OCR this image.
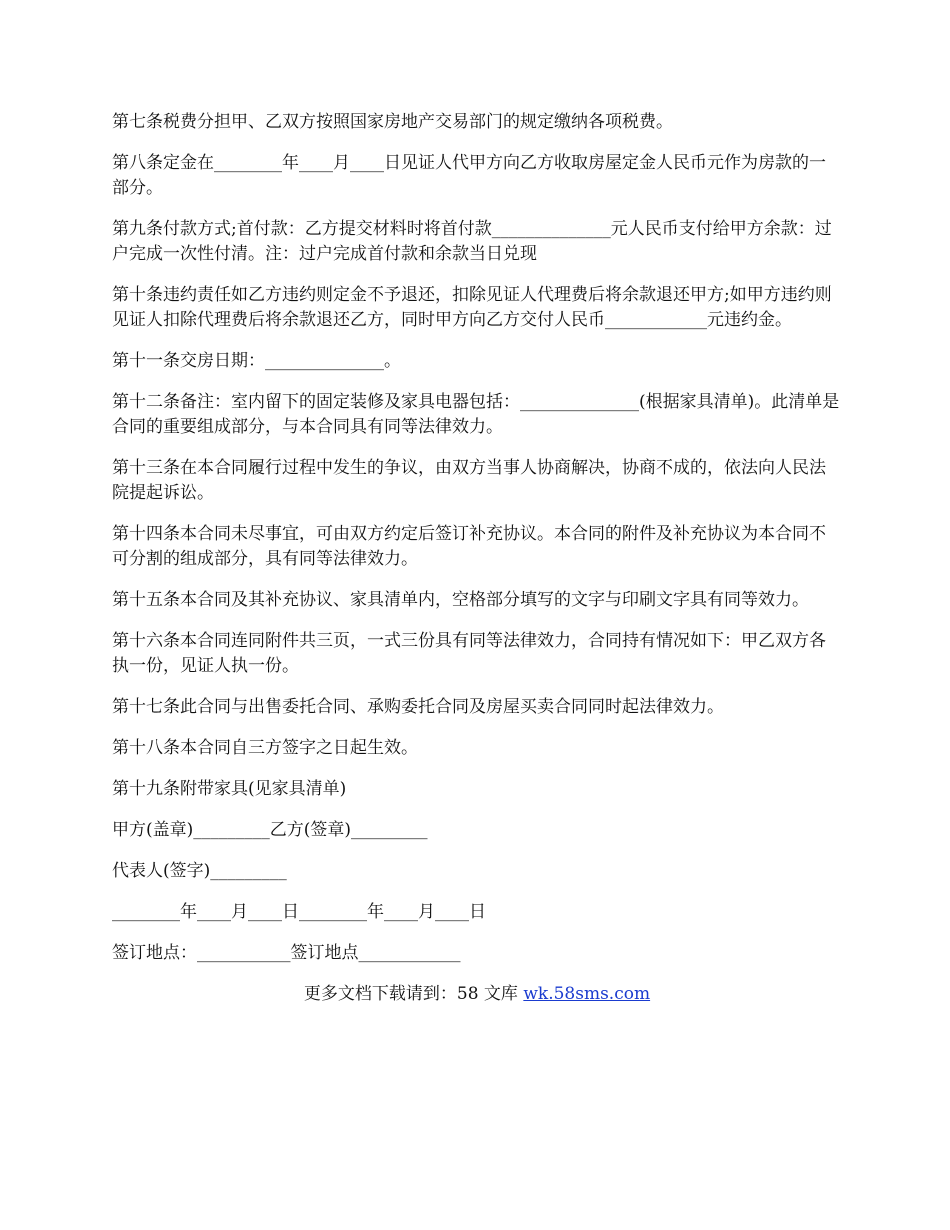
第七条税费分担甲、乙双方按照国家房地产交易部门的规定缴纳各项税费。

第八条定金在________年____月____日见证人代甲方向乙方收取房屋定金人民币元作为房款的一部分。

第九条付款方式;首付款：乙方提交材料时将首付款______________元人民币支付给甲方余款：过户完成一次性付清。注：过户完成首付款和余款当日兑现

第十条违约责任如乙方违约则定金不予退还，扣除见证人代理费后将余款退还甲方;如甲方违约则见证人扣除代理费后将余款退还乙方，同时甲方向乙方交付人民币____________元违约金。

第十一条交房日期：______________。

第十二条备注：室内留下的固定装修及家具电器包括：______________(根据家具清单)。此清单是合同的重要组成部分，与本合同具有同等法律效力。

第十三条在本合同履行过程中发生的争议，由双方当事人协商解决，协商不成的，依法向人民法院提起诉讼。

第十四条本合同未尽事宜，可由双方约定后签订补充协议。本合同的附件及补充协议为本合同不可分割的组成部分，具有同等法律效力。

第十五条本合同及其补充协议、家具清单内，空格部分填写的文字与印刷文字具有同等效力。

第十六条本合同连同附件共三页，一式三份具有同等法律效力，合同持有情况如下：甲乙双方各执一份，见证人执一份。

第十七条此合同与出售委托合同、承购委托合同及房屋买卖合同同时起法律效力。

第十八条本合同自三方签字之日起生效。

第十九条附带家具(见家具清单)

甲方(盖章)_________乙方(签章)_________

代表人(签字)_________

________年____月____日________年____月____日

签订地点：___________签订地点____________

更多文档下载请到：58 文库 wk.58sms.com
